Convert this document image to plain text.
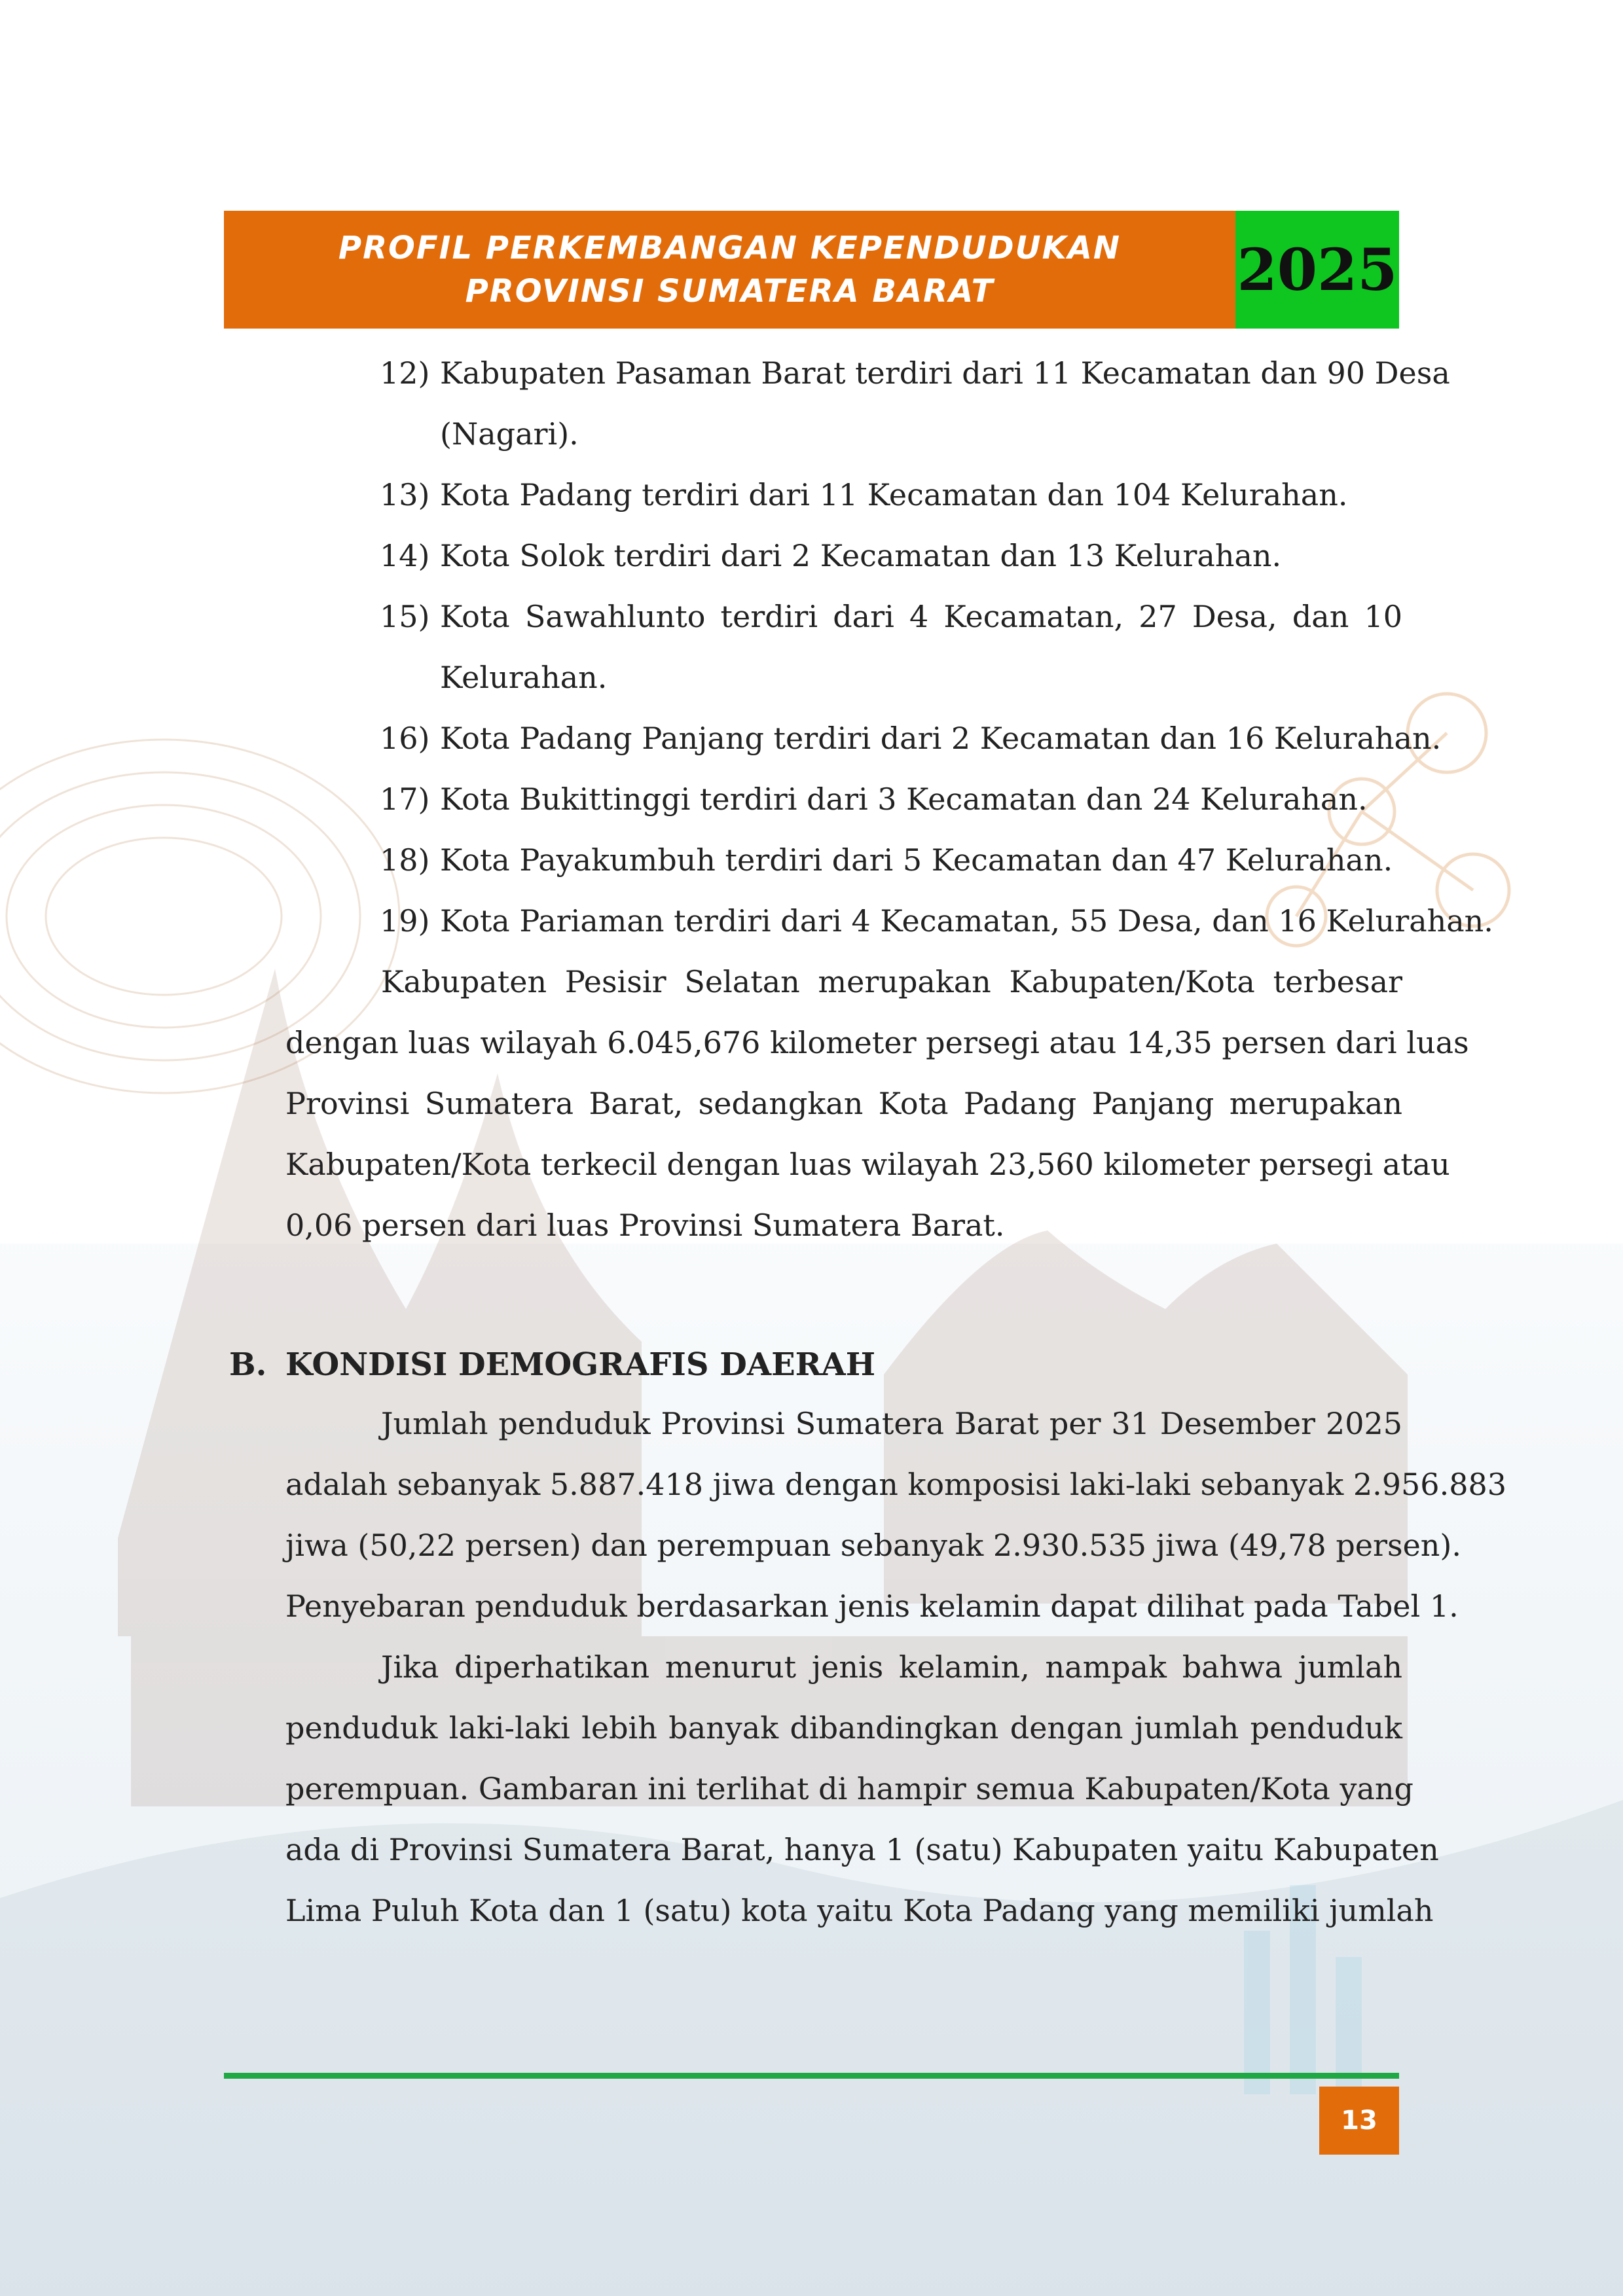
PROFIL PERKEMBANGAN KEPENDUDUKAN
PROVINSI SUMATERA BARAT	2025
12) Kabupaten Pasaman Barat terdiri dari 11 Kecamatan dan 90 Desa
(Nagari).
13) Kota Padang terdiri dari 11 Kecamatan dan 104 Kelurahan.
14) Kota Solok terdiri dari 2 Kecamatan dan 13 Kelurahan.
15) Kota Sawahlunto terdiri dari 4 Kecamatan, 27 Desa, dan 10
Kelurahan.
16) Kota Padang Panjang terdiri dari 2 Kecamatan dan 16 Kelurahan.
17) Kota Bukittinggi terdiri dari 3 Kecamatan dan 24 Kelurahan.
18) Kota Payakumbuh terdiri dari 5 Kecamatan dan 47 Kelurahan.
19) Kota Pariaman terdiri dari 4 Kecamatan, 55 Desa, dan 16 Kelurahan.
Kabupaten Pesisir Selatan merupakan Kabupaten/Kota terbesar
dengan luas wilayah 6.045,676 kilometer persegi atau 14,35 persen dari luas
Provinsi Sumatera Barat, sedangkan Kota Padang Panjang merupakan
Kabupaten/Kota terkecil dengan luas wilayah 23,560 kilometer persegi atau
0,06 persen dari luas Provinsi Sumatera Barat.
B. KONDISI DEMOGRAFIS DAERAH
Jumlah penduduk Provinsi Sumatera Barat per 31 Desember 2025
adalah sebanyak 5.887.418 jiwa dengan komposisi laki-laki sebanyak 2.956.883
jiwa (50,22 persen) dan perempuan sebanyak 2.930.535 jiwa (49,78 persen).
Penyebaran penduduk berdasarkan jenis kelamin dapat dilihat pada Tabel 1.
Jika diperhatikan menurut jenis kelamin, nampak bahwa jumlah
penduduk laki-laki lebih banyak dibandingkan dengan jumlah penduduk
perempuan. Gambaran ini terlihat di hampir semua Kabupaten/Kota yang
ada di Provinsi Sumatera Barat, hanya 1 (satu) Kabupaten yaitu Kabupaten
Lima Puluh Kota dan 1 (satu) kota yaitu Kota Padang yang memiliki jumlah
13
